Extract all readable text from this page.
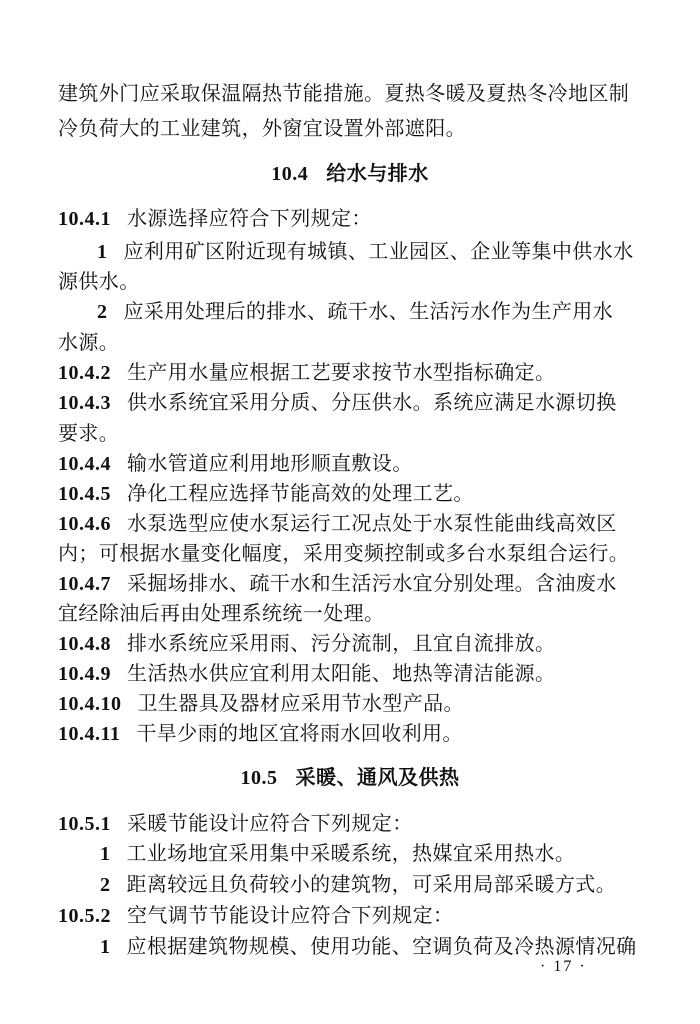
建筑外门应采取保温隔热节能措施。夏热冬暖及夏热冬冷地区制
冷负荷大的工业建筑，外窗宜设置外部遮阳。
10.4 给水与排水
10.4.1 水源选择应符合下列规定：
1 应利用矿区附近现有城镇、工业园区、企业等集中供水水
源供水。
2 应采用处理后的排水、疏干水、生活污水作为生产用水
水源。
10.4.2 生产用水量应根据工艺要求按节水型指标确定。
10.4.3 供水系统宜采用分质、分压供水。系统应满足水源切换
要求。
10.4.4 输水管道应利用地形顺直敷设。
10.4.5 净化工程应选择节能高效的处理工艺。
10.4.6 水泵选型应使水泵运行工况点处于水泵性能曲线高效区
内；可根据水量变化幅度，采用变频控制或多台水泵组合运行。
10.4.7 采掘场排水、疏干水和生活污水宜分别处理。含油废水
宜经除油后再由处理系统统一处理。
10.4.8 排水系统应采用雨、污分流制，且宜自流排放。
10.4.9 生活热水供应宜利用太阳能、地热等清洁能源。
10.4.10 卫生器具及器材应采用节水型产品。
10.4.11 干旱少雨的地区宜将雨水回收利用。
10.5 采暖、通风及供热
10.5.1 采暖节能设计应符合下列规定：
1 工业场地宜采用集中采暖系统，热媒宜采用热水。
2 距离较远且负荷较小的建筑物，可采用局部采暖方式。
10.5.2 空气调节节能设计应符合下列规定：
1 应根据建筑物规模、使用功能、空调负荷及冷热源情况确
· 17 ·
